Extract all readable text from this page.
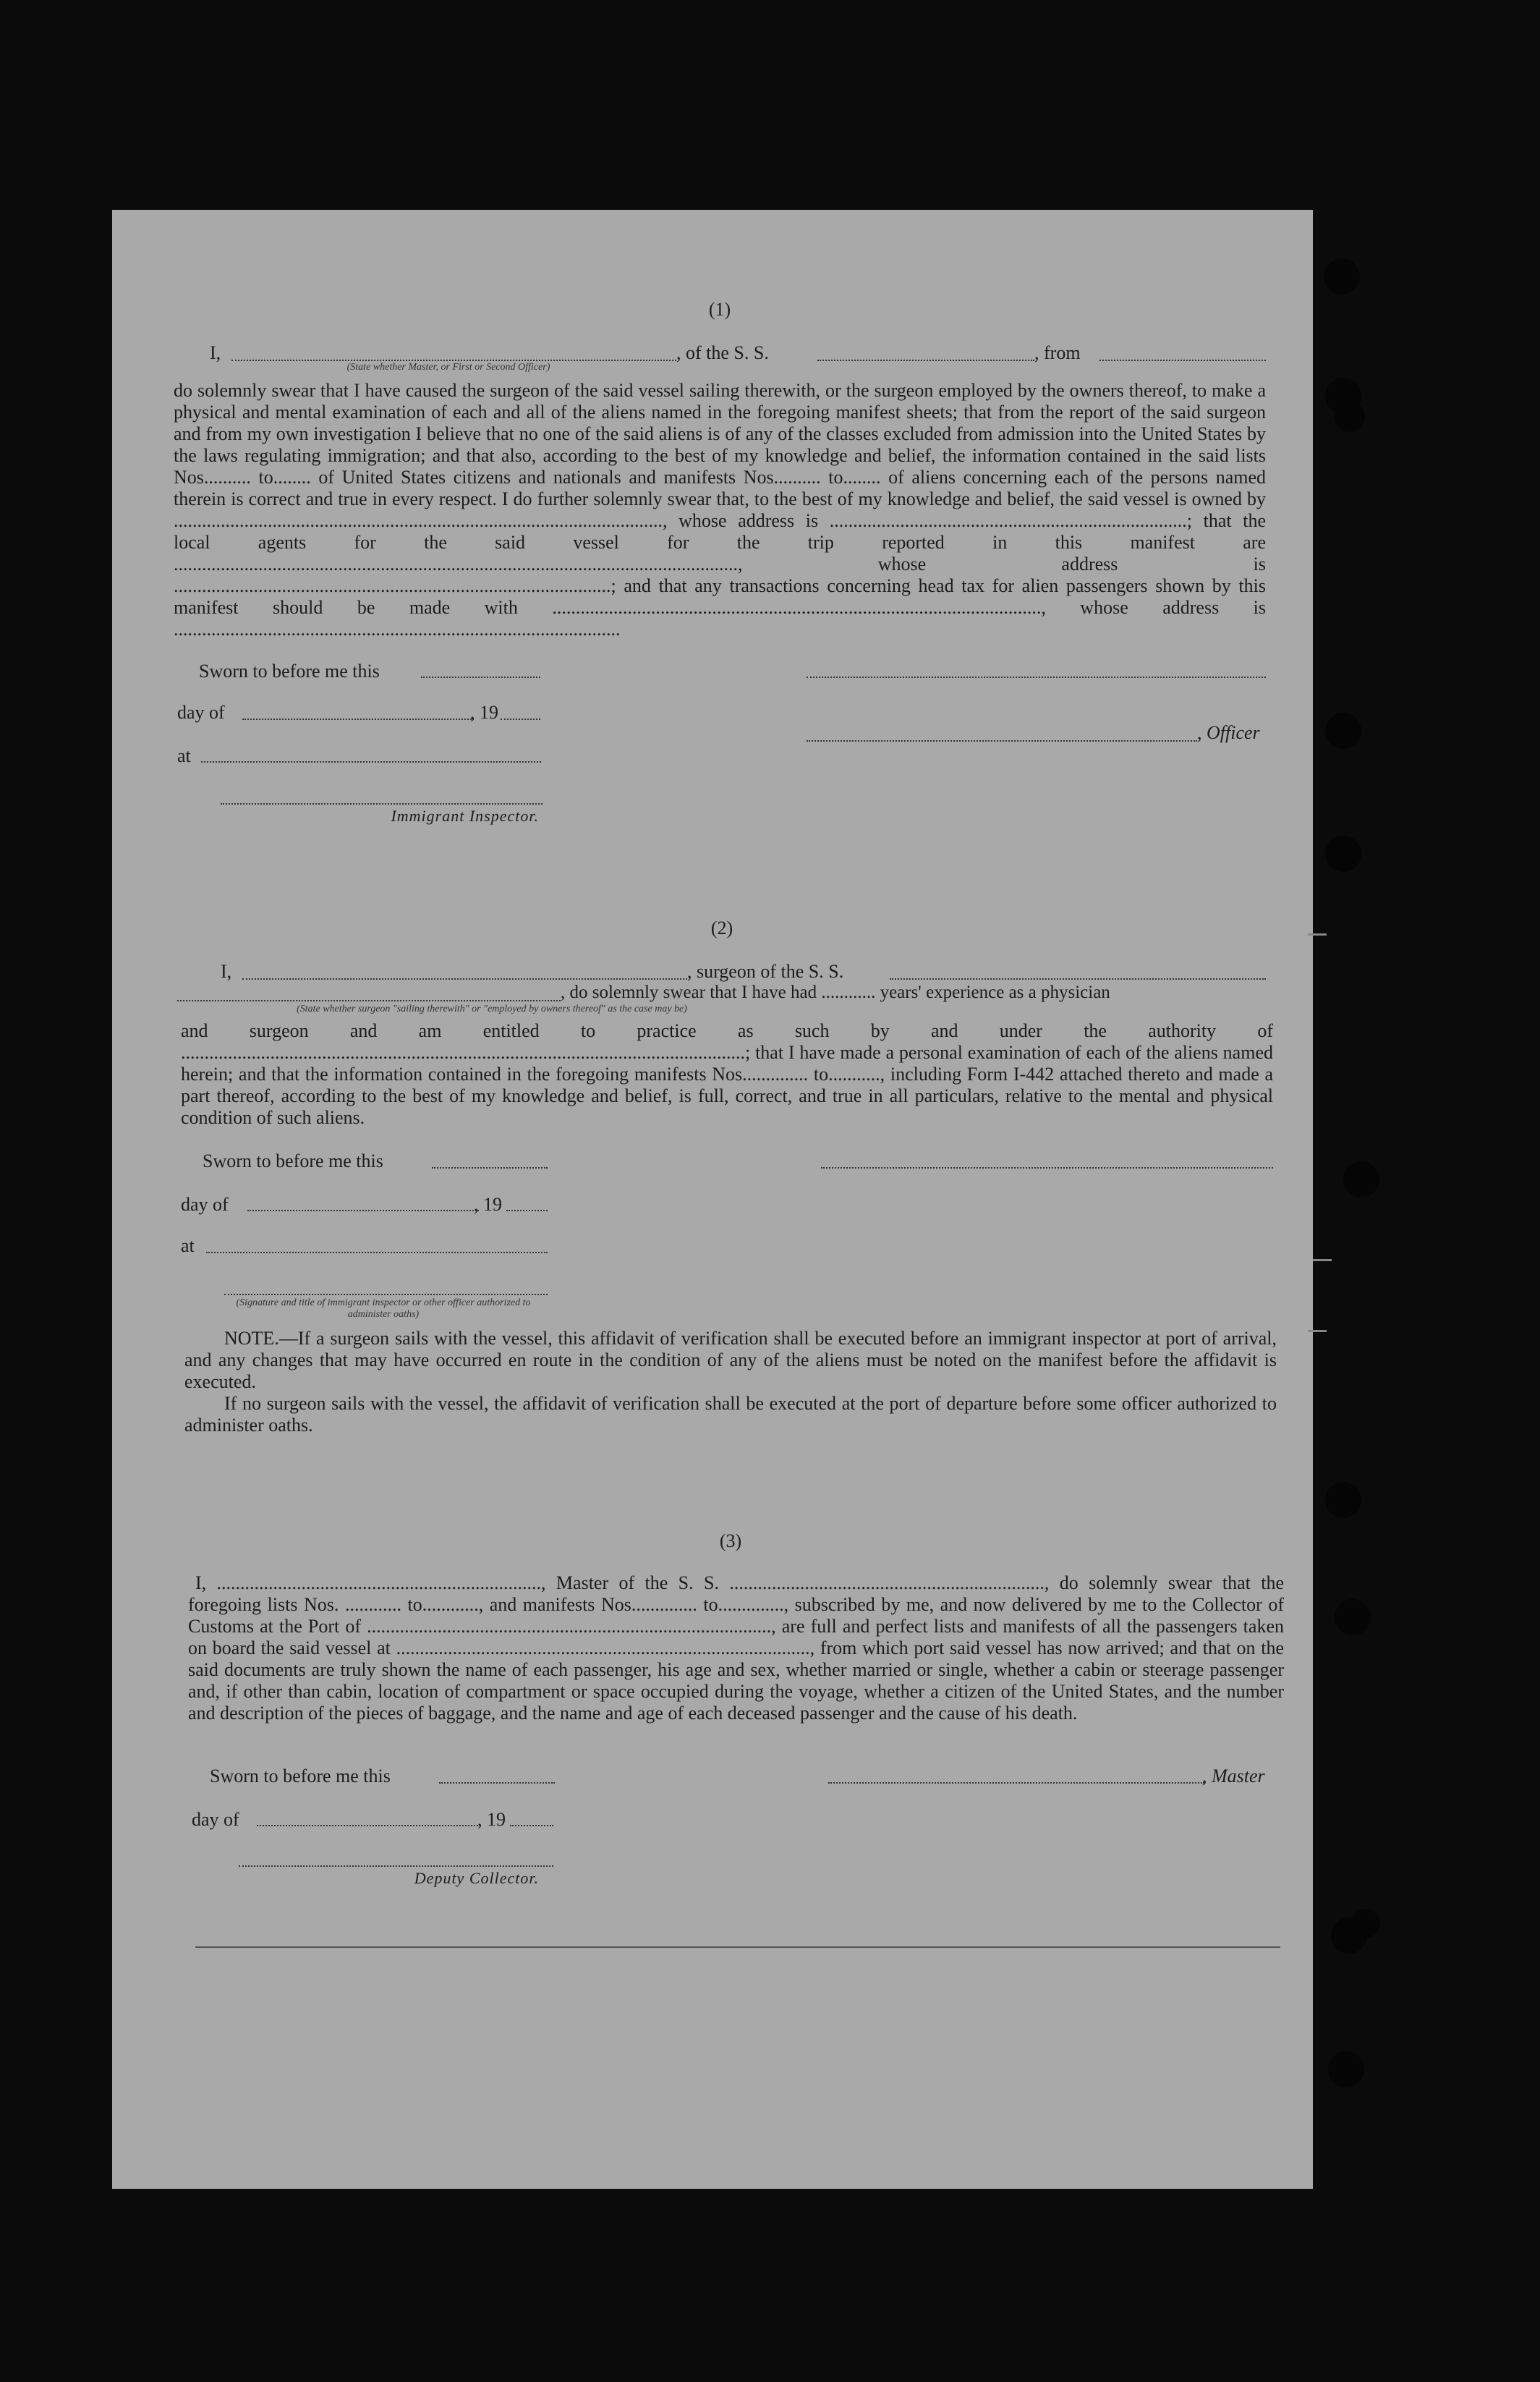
(1)
I,	, of the S. S.	, from
(State whether Master, or First or Second Officer)
do solemnly swear that I have caused the surgeon of the said vessel sailing therewith, or the surgeon employed by the owners thereof, to make a physical and mental examination of each and all of the aliens named in the foregoing manifest sheets; that from the report of the said surgeon and from my own investigation I believe that no one of the said aliens is of any of the classes excluded from admission into the United States by the laws regulating immigration; and that also, according to the best of my knowledge and belief, the information contained in the said lists Nos.......... to........ of United States citizens and nationals and manifests Nos.......... to........ of aliens concerning each of the persons named therein is correct and true in every respect. I do further solemnly swear that, to the best of my knowledge and belief, the said vessel is owned by ........................................................................................................, whose address is ............................................................................; that the local agents for the said vessel for the trip reported in this manifest are ........................................................................................................................, whose address is .............................................................................................; and that any transactions concerning head tax for alien passengers shown by this manifest should be made with ........................................................................................................, whose address is ...............................................................................................
Sworn to before me this
day of	, 19
, Officer
at
Immigrant Inspector.
(2)
I,	, surgeon of the S. S.
, do solemnly swear that I have had ............ years' experience as a physician
(State whether surgeon "sailing therewith" or "employed by owners thereof" as the case may be)
and surgeon and am entitled to practice as such by and under the authority of ........................................................................................................................; that I have made a personal examination of each of the aliens named herein; and that the information contained in the foregoing manifests Nos.............. to..........., including Form I-442 attached thereto and made a part thereof, according to the best of my knowledge and belief, is full, correct, and true in all particulars, relative to the mental and physical condition of such aliens.
Sworn to before me this
day of	, 19
at
(Signature and title of immigrant inspector or other officer authorized to administer oaths)
NOTE.—If a surgeon sails with the vessel, this affidavit of verification shall be executed before an immigrant inspector at port of arrival, and any changes that may have occurred en route in the condition of any of the aliens must be noted on the manifest before the affidavit is executed.
If no surgeon sails with the vessel, the affidavit of verification shall be executed at the port of departure before some officer authorized to administer oaths.
(3)
I, ....................................................................., Master of the S. S. ..................................................................., do solemnly swear that the foregoing lists Nos. ............ to............, and manifests Nos.............. to.............., subscribed by me, and now delivered by me to the Collector of Customs at the Port of ......................................................................................, are full and perfect lists and manifests of all the passengers taken on board the said vessel at ........................................................................................, from which port said vessel has now arrived; and that on the said documents are truly shown the name of each passenger, his age and sex, whether married or single, whether a cabin or steerage passenger and, if other than cabin, location of compartment or space occupied during the voyage, whether a citizen of the United States, and the number and description of the pieces of baggage, and the name and age of each deceased passenger and the cause of his death.
Sworn to before me this	, Master
day of	, 19
Deputy Collector.
